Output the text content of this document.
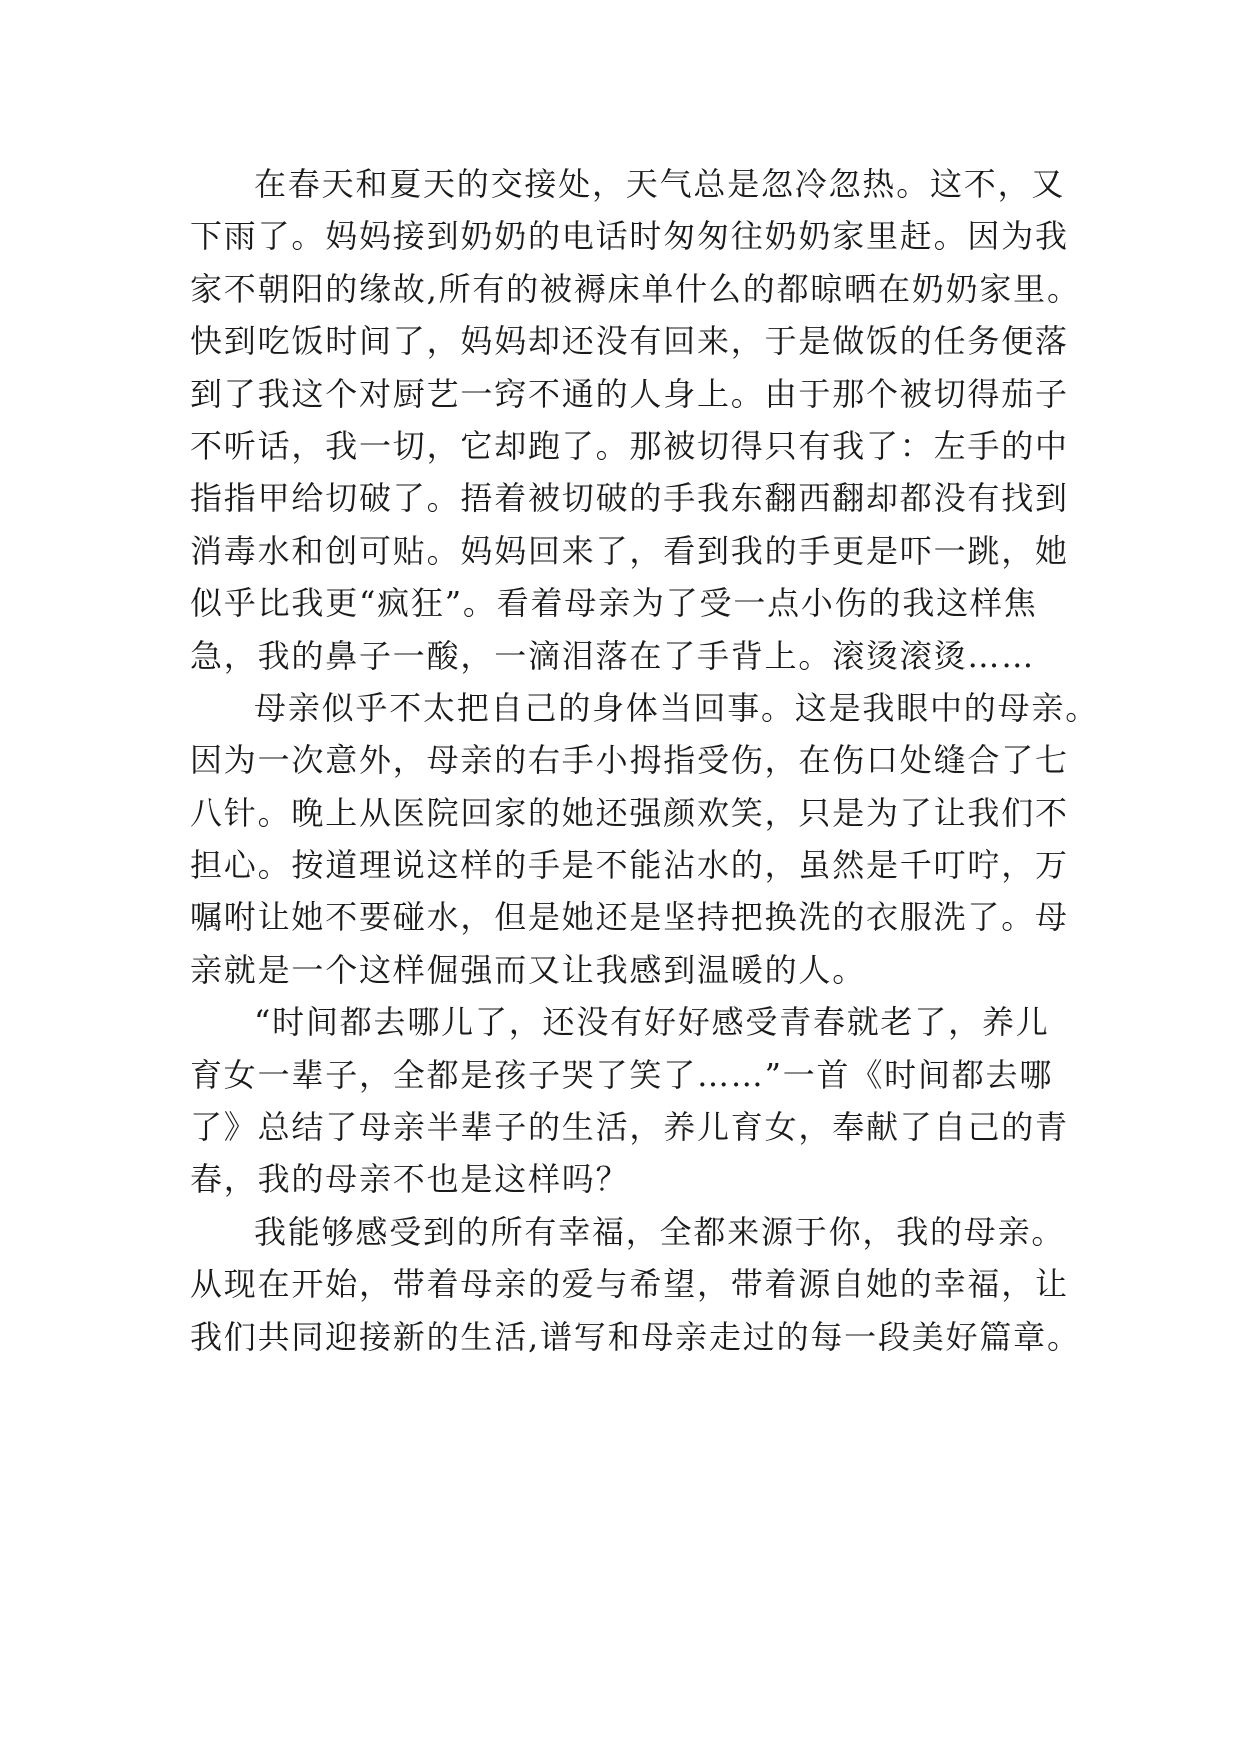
在春天和夏天的交接处，天气总是忽冷忽热。这不，又
下雨了。妈妈接到奶奶的电话时匆匆往奶奶家里赶。因为我
家不朝阳的缘故,所有的被褥床单什么的都晾晒在奶奶家里。
快到吃饭时间了，妈妈却还没有回来，于是做饭的任务便落
到了我这个对厨艺一窍不通的人身上。由于那个被切得茄子
不听话，我一切，它却跑了。那被切得只有我了：左手的中
指指甲给切破了。捂着被切破的手我东翻西翻却都没有找到
消毒水和创可贴。妈妈回来了，看到我的手更是吓一跳，她
似乎比我更“疯狂”。看着母亲为了受一点小伤的我这样焦
急，我的鼻子一酸，一滴泪落在了手背上。滚烫滚烫……
母亲似乎不太把自己的身体当回事。这是我眼中的母亲。
因为一次意外，母亲的右手小拇指受伤，在伤口处缝合了七
八针。晚上从医院回家的她还强颜欢笑，只是为了让我们不
担心。按道理说这样的手是不能沾水的，虽然是千叮咛，万
嘱咐让她不要碰水，但是她还是坚持把换洗的衣服洗了。母
亲就是一个这样倔强而又让我感到温暖的人。
“时间都去哪儿了，还没有好好感受青春就老了，养儿
育女一辈子，全都是孩子哭了笑了……”一首《时间都去哪
了》总结了母亲半辈子的生活，养儿育女，奉献了自己的青
春，我的母亲不也是这样吗？
我能够感受到的所有幸福，全都来源于你，我的母亲。
从现在开始，带着母亲的爱与希望，带着源自她的幸福，让
我们共同迎接新的生活,谱写和母亲走过的每一段美好篇章。
